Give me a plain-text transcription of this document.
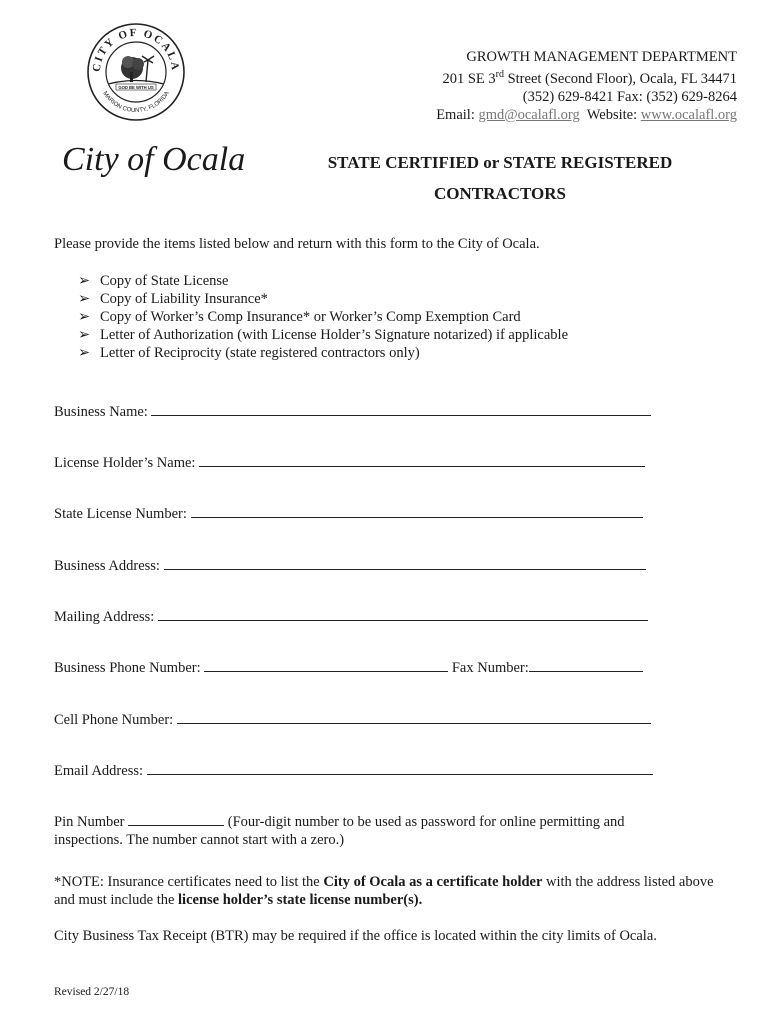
CITY OF OCALA
MARION COUNTY, FLORIDA
GOD BE WITH US
GROWTH MANAGEMENT DEPARTMENT
201 SE 3rd Street (Second Floor), Ocala, FL 34471
(352) 629-8421 Fax: (352) 629-8264
Email: gmd@ocalafl.org  Website: www.ocalafl.org
City of Ocala	STATE CERTIFIED or STATE REGISTERED
CONTRACTORS
Please provide the items listed below and return with this form to the City of Ocala.
➢ Copy of State License
➢ Copy of Liability Insurance*
➢ Copy of Worker’s Comp Insurance* or Worker’s Comp Exemption Card
➢ Letter of Authorization (with License Holder’s Signature notarized) if applicable
➢ Letter of Reciprocity (state registered contractors only)
Business Name:
License Holder’s Name:
State License Number:
Business Address:
Mailing Address:
Business Phone Number:	Fax Number:
Cell Phone Number:
Email Address:
Pin Number	(Four-digit number to be used as password for online permitting and inspections. The number cannot start with a zero.)
*NOTE: Insurance certificates need to list the City of Ocala as a certificate holder with the address listed above and must include the license holder’s state license number(s).
City Business Tax Receipt (BTR) may be required if the office is located within the city limits of Ocala.
Revised 2/27/18
